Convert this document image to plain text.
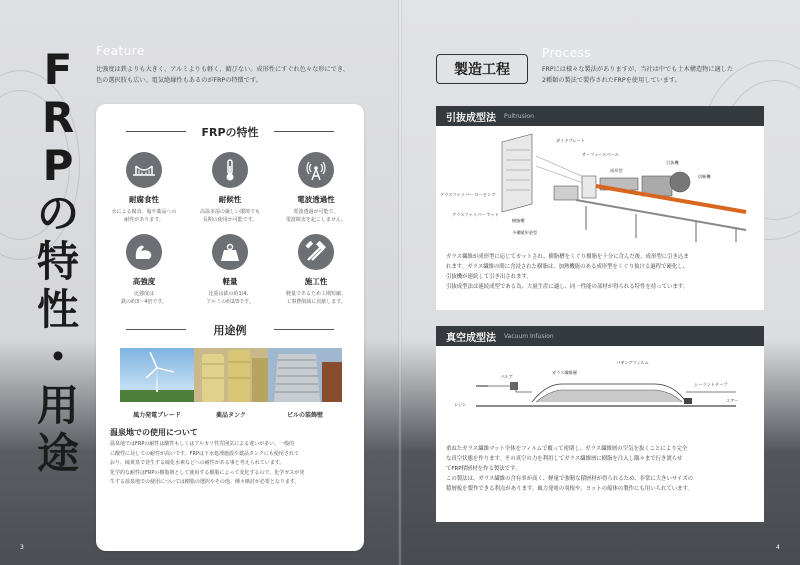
F
R
P
の
特
性
・
用
途
Feature
比強度は鉄よりも大きく、アルミよりも軽く、錆びない。成形性にすぐれ色々な形にでき、
色の選択肢も広い。電気絶縁性もあるのがFRPの特徴です。
FRPの特性
耐腐食性
水による腐食、塩や薬品への
耐性があります。
耐候性
高温多湿の厳しい環境でも
長期の使用が可能です。
電波透過性
電波透過が可能で、
電波障害を起こしません。
高強度
比強度は
鉄の約3～4倍です。
軽量
比重は鉄の約1/4、
アルミの約2/3です。
施工性
軽量であるため工期短縮、
工事費削減に貢献します。
用途例
風力発電ブレード	薬品タンク	ビルの装飾壁
温泉地での使用について
温泉地ではFRPの耐性は酸性もしくはアルカリ性雰囲気による違いが多い。一般的
に酸性に対しての耐性が高いです。FRPは下水処理施設や薬品タンクにも使用されて
おり、硫黄泉で発生する硫化水素などへの耐性がある事と考えられています。
化学的な耐性はFRPの樹脂剤として使用する樹脂によって変化するので、化学ガスが発
生する温泉地での使用については樹脂の選択やその他、種々検討が必要となります。
3
製造工程
Process
FRPには様々な製法がありますが、当社は中でも土木構造物に適した
2種類の製法で製作されたFRPを使用しています。
引抜成型法 Pultrusion
ガイドプレート
サーフェースベール
成形型
引抜機
切断機
グラスファイバー ロービング
グラスファイバー マット
樹脂槽
予備賦形金型
ガラス繊維が成形型に応じてカットされ、樹脂槽をくぐり樹脂を十分に含んだ後、成形型に引き込ま
れます。ガラス繊維の間に含浸された樹脂は、加熱機能のある成形型をくぐり抜ける過程で硬化し、
引抜機が連続して引き出されます。
引抜成型法は連続成型である為、大量生産に適し、同一性能の部材が得られる特性を持っています。
真空成型法 Vacuum Infusion
バギングフィルム
ガラス繊維層
バルブ
シーラントテープ
レジン
エアー
重ねたガラス繊維マット全体をフィルムで覆って密閉し、ガラス繊維層の空気を抜くことにより完全
な真空状態を作ります。その真空の力を利用してガラス繊維層に樹脂を注入し隅々まで行き渡らせ
てFRP積層材を作る製法です。
この製法は、ガラス繊維の含有率が高く、軽量で強靭な積層材が得られるため、非常に大きいサイズの
積層板を製作できる利点があります。風力発電の羽根や、ヨットの船体の製作にも用いられています。
4
